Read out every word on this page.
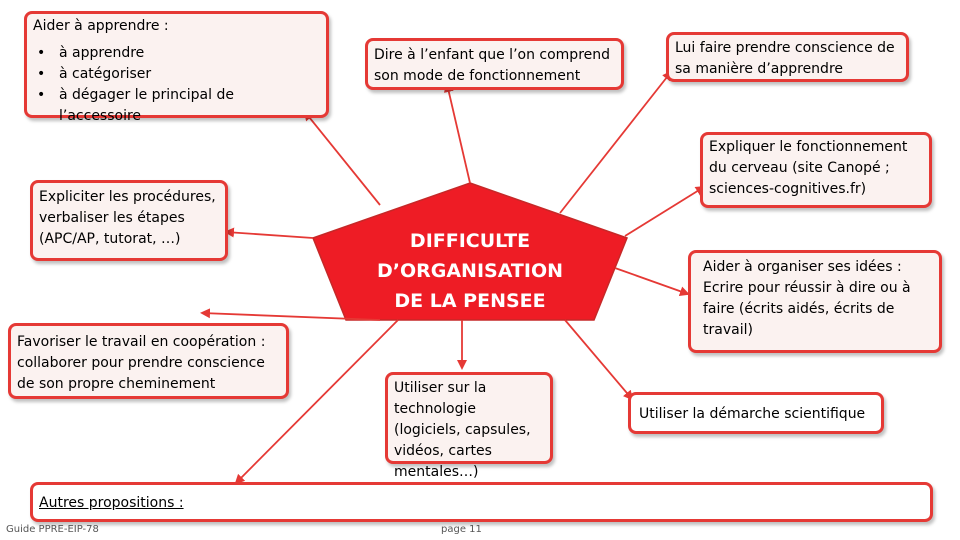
Aider à apprendre :
• à apprendre
• à catégoriser
• à dégager le principal de l’accessoire
Dire à l’enfant que l’on comprend son mode de fonctionnement
Lui faire prendre conscience de sa manière d’apprendre
Expliquer le fonctionnement du cerveau (site Canopé ; sciences-cognitives.fr)
Expliciter les procédures, verbaliser les étapes (APC/AP, tutorat, …)
Aider à organiser ses idées : Ecrire pour réussir à dire ou à faire (écrits aidés, écrits de travail)
Favoriser le travail en coopération : collaborer pour prendre conscience de son propre cheminement	Utiliser sur la technologie (logiciels, capsules, vidéos, cartes mentales…)
Utiliser la démarche scientifique
Autres propositions :
DIFFICULTE D’ORGANISATION
DE LA PENSEE
Guide PPRE-EIP-78	page 11
